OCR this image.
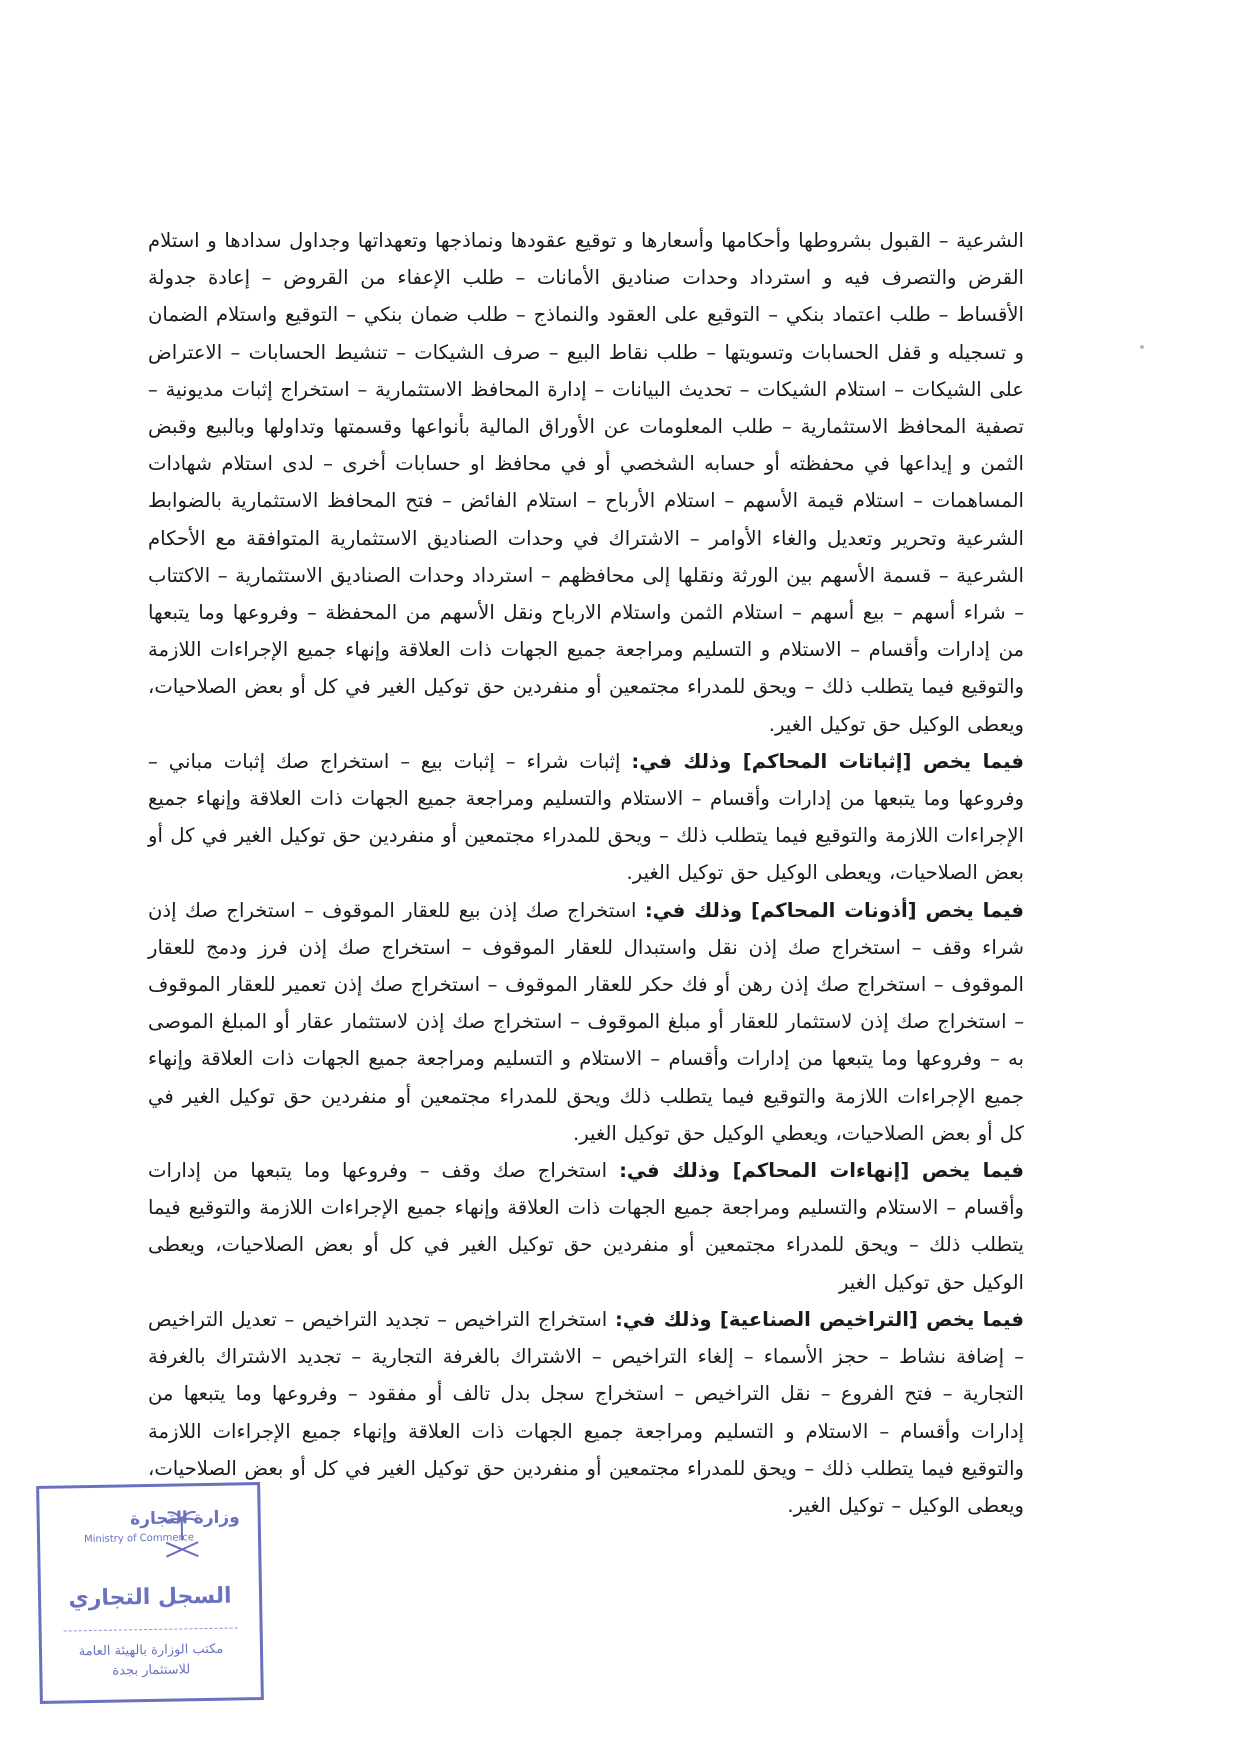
الشرعية – القبول بشروطها وأحكامها وأسعارها و توقيع عقودها ونماذجها وتعهداتها وجداول سدادها و استلام القرض والتصرف فيه و استرداد وحدات صناديق الأمانات – طلب الإعفاء من القروض – إعادة جدولة الأقساط – طلب اعتماد بنكي – التوقيع على العقود والنماذج – طلب ضمان بنكي – التوقيع واستلام الضمان و تسجيله و قفل الحسابات وتسويتها – طلب نقاط البيع – صرف الشيكات – تنشيط الحسابات – الاعتراض على الشيكات – استلام الشيكات – تحديث البيانات – إدارة المحافظ الاستثمارية – استخراج إثبات مديونية – تصفية المحافظ الاستثمارية – طلب المعلومات عن الأوراق المالية بأنواعها وقسمتها وتداولها وبالبيع وقبض الثمن و إيداعها في محفظته أو حسابه الشخصي أو في محافظ او حسابات أخرى – لدى استلام شهادات المساهمات – استلام قيمة الأسهم – استلام الأرباح – استلام الفائض – فتح المحافظ الاستثمارية بالضوابط الشرعية وتحرير وتعديل والغاء الأوامر – الاشتراك في وحدات الصناديق الاستثمارية المتوافقة مع الأحكام الشرعية – قسمة الأسهم بين الورثة ونقلها إلى محافظهم – استرداد وحدات الصناديق الاستثمارية – الاكتتاب – شراء أسهم – بيع أسهم – استلام الثمن واستلام الارباح ونقل الأسهم من المحفظة – وفروعها وما يتبعها من إدارات وأقسام – الاستلام و التسليم ومراجعة جميع الجهات ذات العلاقة وإنهاء جميع الإجراءات اللازمة والتوقيع فيما يتطلب ذلك – ويحق للمدراء مجتمعين أو منفردين حق توكيل الغير في كل أو بعض الصلاحيات، ويعطى الوكيل حق توكيل الغير.

فيما يخص [إثباتات المحاكم] وذلك في: إثبات شراء – إثبات بيع – استخراج صك إثبات مباني – وفروعها وما يتبعها من إدارات وأقسام – الاستلام والتسليم ومراجعة جميع الجهات ذات العلاقة وإنهاء جميع الإجراءات اللازمة والتوقيع فيما يتطلب ذلك – ويحق للمدراء مجتمعين أو منفردين حق توكيل الغير في كل أو بعض الصلاحيات، ويعطى الوكيل حق توكيل الغير.

فيما يخص [أذونات المحاكم] وذلك في: استخراج صك إذن بيع للعقار الموقوف – استخراج صك إذن شراء وقف – استخراج صك إذن نقل واستبدال للعقار الموقوف – استخراج صك إذن فرز ودمج للعقار الموقوف – استخراج صك إذن رهن أو فك حكر للعقار الموقوف – استخراج صك إذن تعمير للعقار الموقوف – استخراج صك إذن لاستثمار للعقار أو مبلغ الموقوف – استخراج صك إذن لاستثمار عقار أو المبلغ الموصى به – وفروعها وما يتبعها من إدارات وأقسام – الاستلام و التسليم ومراجعة جميع الجهات ذات العلاقة وإنهاء جميع الإجراءات اللازمة والتوقيع فيما يتطلب ذلك ويحق للمدراء مجتمعين أو منفردين حق توكيل الغير في كل أو بعض الصلاحيات، ويعطي الوكيل حق توكيل الغير.

فيما يخص [إنهاءات المحاكم] وذلك في: استخراج صك وقف – وفروعها وما يتبعها من إدارات وأقسام – الاستلام والتسليم ومراجعة جميع الجهات ذات العلاقة وإنهاء جميع الإجراءات اللازمة والتوقيع فيما يتطلب ذلك – ويحق للمدراء مجتمعين أو منفردين حق توكيل الغير في كل أو بعض الصلاحيات، ويعطى الوكيل حق توكيل الغير

فيما يخص [التراخيص الصناعية] وذلك في: استخراج التراخيص – تجديد التراخيص – تعديل التراخيص – إضافة نشاط – حجز الأسماء – إلغاء التراخيص – الاشتراك بالغرفة التجارية – تجديد الاشتراك بالغرفة التجارية – فتح الفروع – نقل التراخيص – استخراج سجل بدل تالف أو مفقود – وفروعها وما يتبعها من إدارات وأقسام – الاستلام و التسليم ومراجعة جميع الجهات ذات العلاقة وإنهاء جميع الإجراءات اللازمة والتوقيع فيما يتطلب ذلك – ويحق للمدراء مجتمعين أو منفردين حق توكيل الغير في كل أو بعض الصلاحيات، ويعطى الوكيل – توكيل الغير.

وزارة التجارة
Ministry of Commerce
السجل التجاري
مكتب الوزارة بالهيئة العامة للاستثمار بجدة
